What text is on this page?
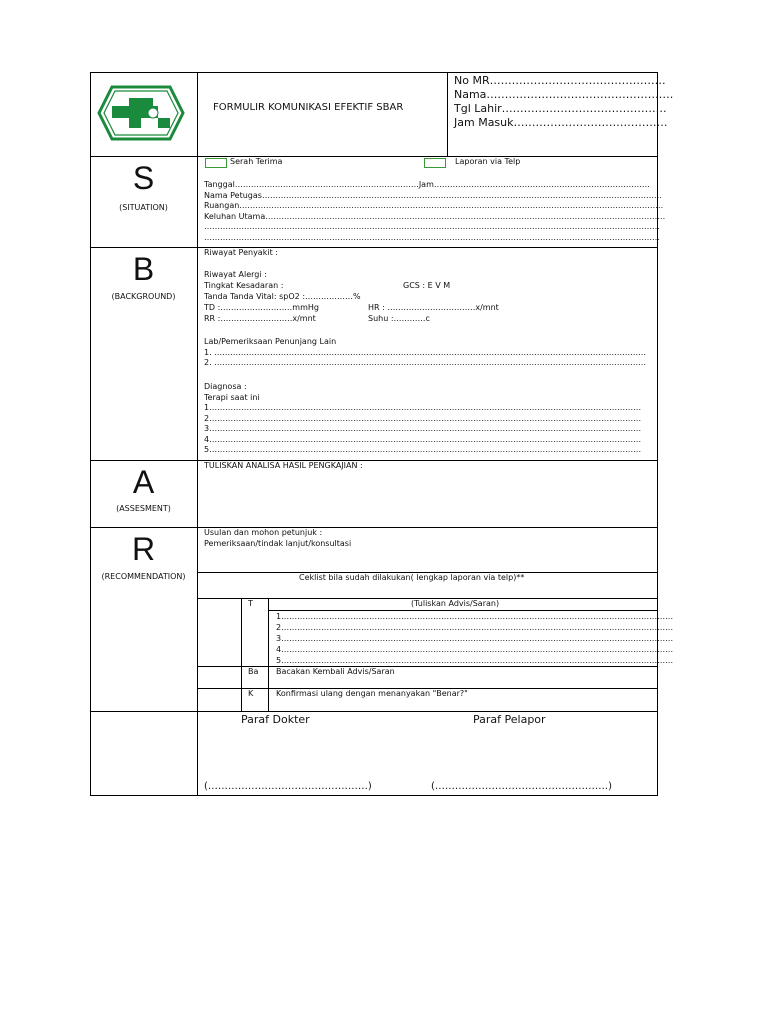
FORMULIR KOMUNIKASI EFEKTIF SBAR
No MR…………………………………………
Nama……………………………………………
Tgl Lahir………………………………………
Jam Masuk……………………………………
S
(SITUATION)
Serah Terima	Laporan via Telp
Tanggal……………………………………………………………Jam………………………………………………………………………
Nama Petugas……………………………………………………………………………………………………………………………………
Ruangan……………………………………………………………………………………………………………………………………………
Keluhan Utama……………………………………………………………………………………………………………………………………
………………………………………………………………………………………………………………………………………………………
………………………………………………………………………………………………………………………………………………………
B
(BACKGROUND)
Riwayat Penyakit :
Riwayat Alergi :
Tingkat Kesadaran :	GCS : E V M
Tanda Tanda Vital: spO2 :………………%
TD :………………………mmHg	HR : ……………………………x/mnt
RR :………………………x/mnt	Suhu :…………c
Lab/Pemeriksaan Penunjang Lain
1. ………………………………………………………………………………………………………………………………………………
2. ………………………………………………………………………………………………………………………………………………
Diagnosa :
Terapi saat ini
1………………………………………………………………………………………………………………………………………………
2………………………………………………………………………………………………………………………………………………
3………………………………………………………………………………………………………………………………………………
4………………………………………………………………………………………………………………………………………………
5………………………………………………………………………………………………………………………………………………
A
(ASSESMENT)
TULISKAN ANALISA HASIL PENGKAJIAN :
R
(RECOMMENDATION)
Usulan dan mohon petunjuk :
Pemeriksaan/tindak lanjut/konsultasi
Ceklist bila sudah dilakukan( lengkap laporan via telp)**
T	(Tuliskan Advis/Saran)
1…………………………………………………………………………………………………………………………………
2…………………………………………………………………………………………………………………………………
3…………………………………………………………………………………………………………………………………
4…………………………………………………………………………………………………………………………………
5…………………………………………………………………………………………………………………………………
Ba Bacakan Kembali Advis/Saran
K	Konfirmasi ulang dengan menanyakan "Benar?"
Paraf Dokter	Paraf Pelapor
(…………………………………………)	(…………………………………………….)
